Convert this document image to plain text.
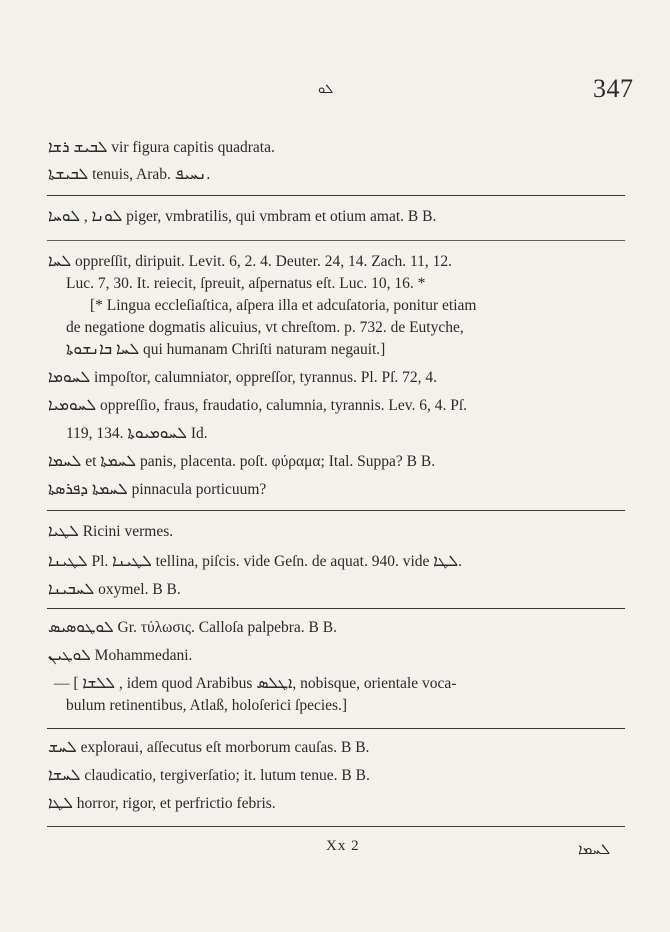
ܠܘ	347
ܠܒܝܫ ܪܫܐ vir figura capitis quadrata.
ܠܒܝܫܬܐ tenuis, Arab. ܢܚܝܦ.
ܠܘܢܐ , ܠܘܚܐ piger, vmbratilis, qui vmbram et otium amat. B B.
ܠܚܐ oppreſſit, diripuit. Levit. 6, 2. 4. Deuter. 24, 14. Zach. 11, 12.
Luc. 7, 30. It. reiecit, ſpreuit, aſpernatus eſt. Luc. 10, 16. *
[* Lingua eccleſiaſtica, aſpera illa et adcuſatoria, ponitur etiam
de negatione dogmatis alicuius, vt chreſtom. p. 732. de Eutyche,
ܠܚܐ ܒܐܢܫܘܬܐ qui humanam Chriſti naturam negauit.]
ܠܚܘܡܐ impoſtor, calumniator, oppreſſor, tyrannus. Pl. Pſ. 72, 4.
ܠܚܘܡܝܐ oppreſſio, fraus, fraudatio, calumnia, tyrannis. Lev. 6, 4. Pſ.
119, 134. ܠܚܘܡܝܘܬܐ Id.
ܠܚܡܐ et ܠܚܡܬܐ panis, placenta. poſt. φύραμα; Ital. Suppa? B B.
ܠܚܡܬܐ ܕܦܪܣܬܐ pinnacula porticuum?
ܠܛܝܐ Ricini vermes.
ܠܛܝܢܐ Pl. ܠܛܝܢܐ tellina, piſcis. vide Geſn. de aquat. 940. vide ܠܛܐ.
ܠܚܒܝܢܐ oxymel. B B.
ܠܘܛܘܣܝܣ Gr. τύλωσις. Calloſa palpebra. B B.
ܠܘܛܝܢ Mohammedani.
— [ ܠܠܫܐ , idem quod Arabibus ܐܛܠܣ, nobisque, orientale voca-
bulum retinentibus, Atlaß, holoſerici ſpecies.]
ܠܚܫ exploraui, aſſecutus eſt morborum cauſas. B B.
ܠܚܫܐ claudicatio, tergiverſatio; it. lutum tenue. B B.
ܠܛܐ horror, rigor, et perfrictio febris.
Xx 2	ܠܚܡܐ
